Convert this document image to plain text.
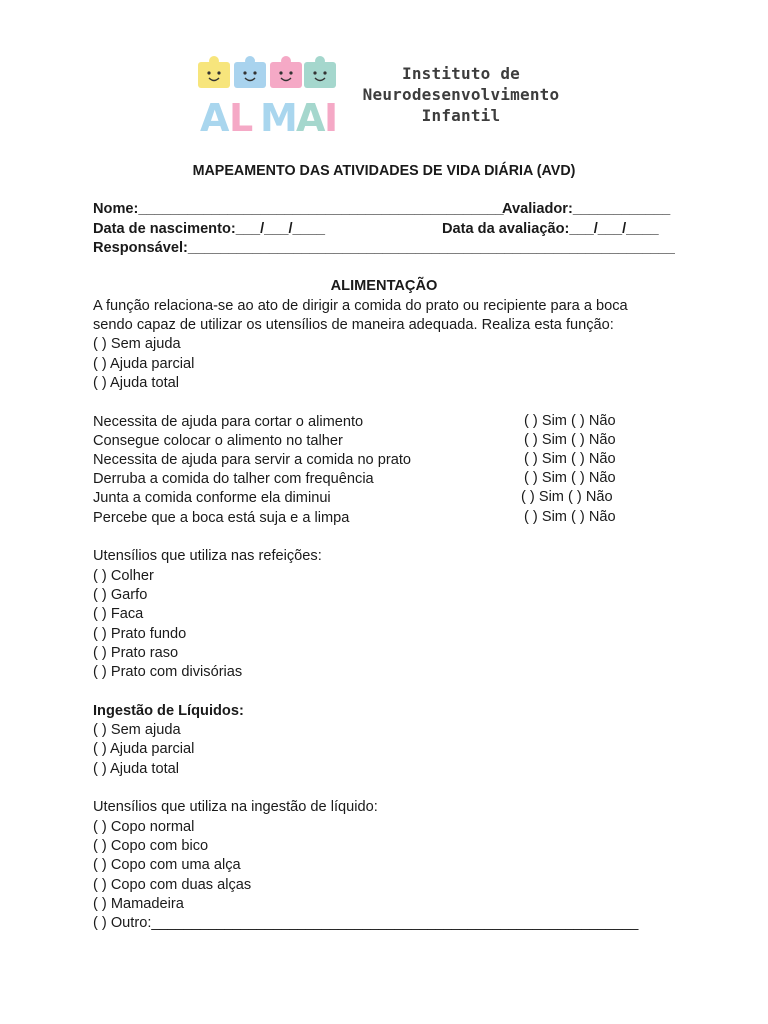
A L M
A
I
Instituto de
Neurodesenvolvimento
Infantil
MAPEAMENTO DAS ATIVIDADES DE VIDA DIÁRIA (AVD)
Nome:_____________________________________________
Avaliador:____________
Data de nascimento:___/___/____	Data da avaliação:___/___/____
Responsável:____________________________________________________________
ALIMENTAÇÃO
A função relaciona-se ao ato de dirigir a comida do prato ou recipiente para a boca
sendo capaz de utilizar os utensílios de maneira adequada. Realiza esta função:
( ) Sem ajuda
( ) Ajuda parcial
( ) Ajuda total
Necessita de ajuda para cortar o alimento	( ) Sim ( ) Não
Consegue colocar o alimento no talher	( ) Sim ( ) Não
Necessita de ajuda para servir a comida no prato	( ) Sim ( ) Não
Derruba a comida do talher com frequência	( ) Sim ( ) Não
Junta a comida conforme ela diminui	( ) Sim ( ) Não
Percebe que a boca está suja e a limpa	( ) Sim ( ) Não
Utensílios que utiliza nas refeições:
( ) Colher
( ) Garfo
( ) Faca
( ) Prato fundo
( ) Prato raso
( ) Prato com divisórias
Ingestão de Líquidos:
( ) Sem ajuda
( ) Ajuda parcial
( ) Ajuda total
Utensílios que utiliza na ingestão de líquido:
( ) Copo normal
( ) Copo com bico
( ) Copo com uma alça
( ) Copo com duas alças
( ) Mamadeira
( ) Outro:____________________________________________________________
